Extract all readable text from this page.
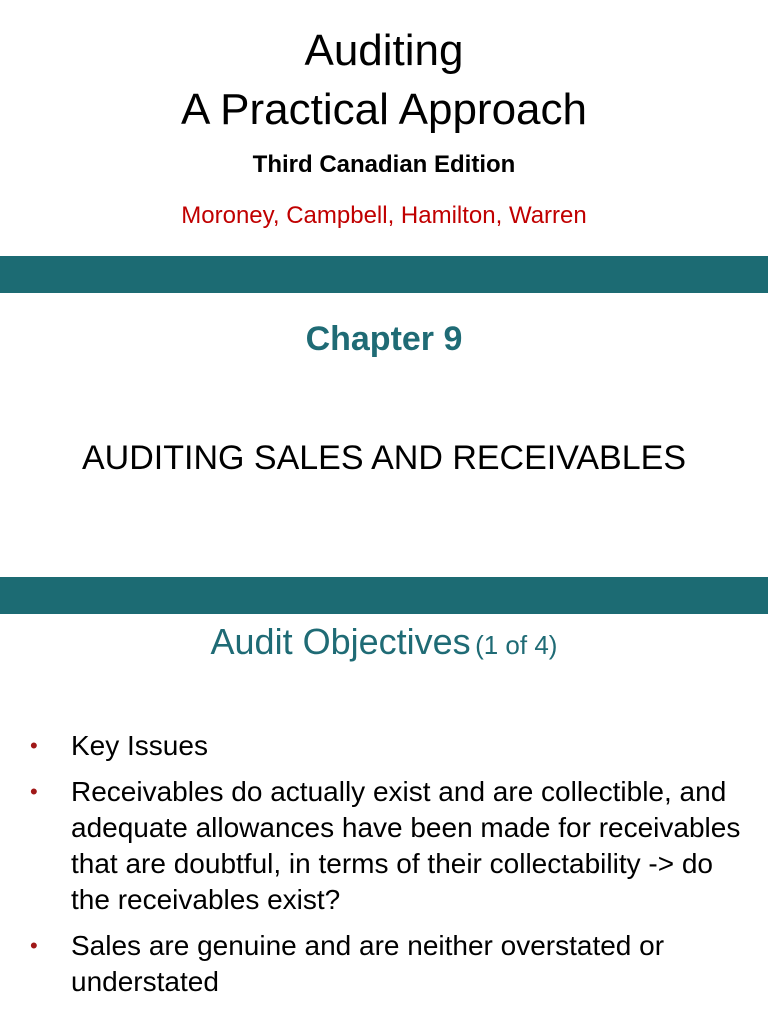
Auditing
A Practical Approach
Third Canadian Edition
Moroney, Campbell, Hamilton, Warren
Chapter 9
AUDITING SALES AND RECEIVABLES
Audit Objectives (1 of 4)
•	Key Issues
•	Receivables do actually exist and are collectible, and adequate allowances have been made for receivables that are doubtful, in terms of their collectability -> do the receivables exist?
•	Sales are genuine and are neither overstated or understated
